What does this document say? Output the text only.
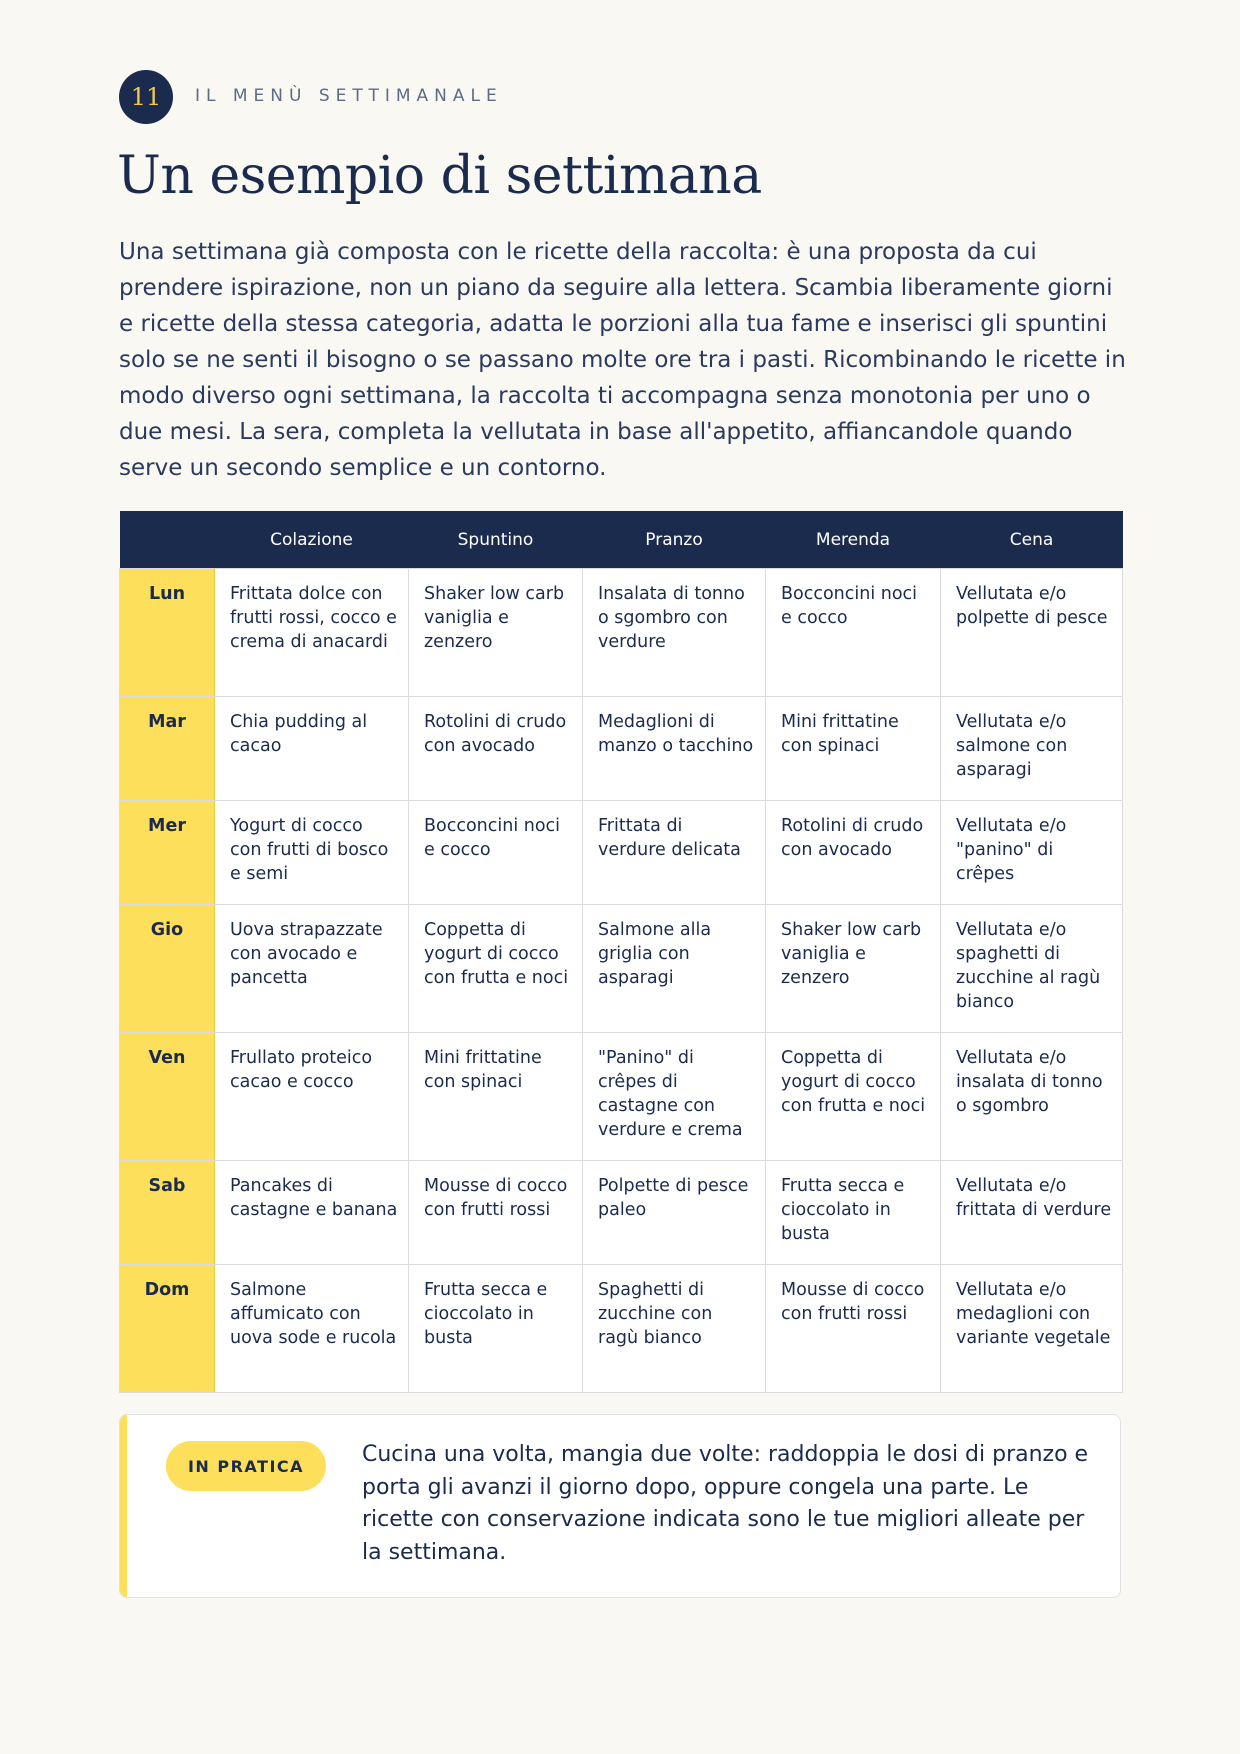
11	IL MENÙ SETTIMANALE
Un esempio di settimana

Una settimana già composta con le ricette della raccolta: è una proposta da cui prendere ispirazione, non un piano da seguire alla lettera. Scambia liberamente giorni e ricette della stessa categoria, adatta le porzioni alla tua fame e inserisci gli spuntini solo se ne senti il bisogno o se passano molte ore tra i pasti. Ricombinando le ricette in modo diverso ogni settimana, la raccolta ti accompagna senza monotonia per uno o due mesi. La sera, completa la vellutata in base all'appetito, affiancandole quando serve un secondo semplice e un contorno.

	Colazione	Spuntino	Pranzo	Merenda	Cena
Lun	Frittata dolce con frutti rossi, cocco e crema di anacardi	Shaker low carb vaniglia e zenzero	Insalata di tonno o sgombro con verdure	Bocconcini noci e cocco	Vellutata e/o polpette di pesce
Mar	Chia pudding al cacao	Rotolini di crudo con avocado	Medaglioni di manzo o tacchino	Mini frittatine con spinaci	Vellutata e/o salmone con asparagi
Mer	Yogurt di cocco con frutti di bosco e semi	Bocconcini noci e cocco	Frittata di verdure delicata	Rotolini di crudo con avocado	Vellutata e/o "panino" di crêpes
Gio	Uova strapazzate con avocado e pancetta	Coppetta di yogurt di cocco con frutta e noci	Salmone alla griglia con asparagi	Shaker low carb vaniglia e zenzero	Vellutata e/o spaghetti di zucchine al ragù bianco
Ven	Frullato proteico cacao e cocco	Mini frittatine con spinaci	"Panino" di crêpes di castagne con verdure e crema	Coppetta di yogurt di cocco con frutta e noci	Vellutata e/o insalata di tonno o sgombro
Sab	Pancakes di castagne e banana	Mousse di cocco con frutti rossi	Polpette di pesce paleo	Frutta secca e cioccolato in busta	Vellutata e/o frittata di verdure
Dom	Salmone affumicato con uova sode e rucola	Frutta secca e cioccolato in busta	Spaghetti di zucchine con ragù bianco	Mousse di cocco con frutti rossi	Vellutata e/o medaglioni con variante vegetale
IN PRATICA	Cucina una volta, mangia due volte: raddoppia le dosi di pranzo e porta gli avanzi il giorno dopo, oppure congela una parte. Le ricette con conservazione indicata sono le tue migliori alleate per la settimana.
